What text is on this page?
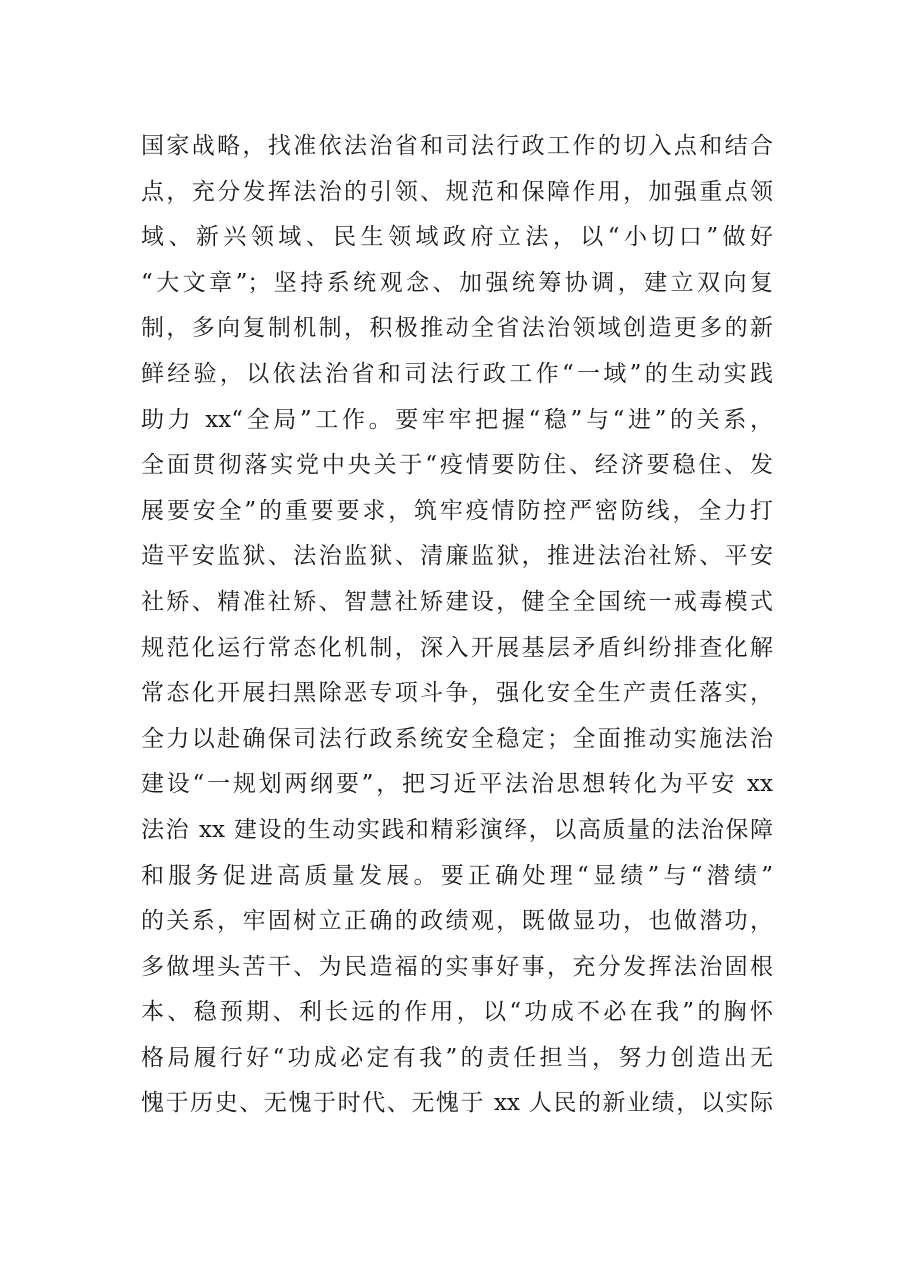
国家战略，找准依法治省和司法行政工作的切入点和结合
点，充分发挥法治的引领、规范和保障作用，加强重点领
域、新兴领域、民生领域政府立法，以“小切口”做好
“大文章”；坚持系统观念、加强统筹协调，建立双向复
制，多向复制机制，积极推动全省法治领域创造更多的新
鲜经验，以依法治省和司法行政工作“一域”的生动实践
助力 xx“全局”工作。要牢牢把握“稳”与“进”的关系，
全面贯彻落实党中央关于“疫情要防住、经济要稳住、发
展要安全”的重要要求，筑牢疫情防控严密防线，全力打
造平安监狱、法治监狱、清廉监狱，推进法治社矫、平安
社矫、精准社矫、智慧社矫建设，健全全国统一戒毒模式
规范化运行常态化机制，深入开展基层矛盾纠纷排查化解
常态化开展扫黑除恶专项斗争，强化安全生产责任落实，
全力以赴确保司法行政系统安全稳定；全面推动实施法治
建设“一规划两纲要”，把习近平法治思想转化为平安 xx
法治 xx 建设的生动实践和精彩演绎，以高质量的法治保障
和服务促进高质量发展。要正确处理“显绩”与“潜绩”
的关系，牢固树立正确的政绩观，既做显功，也做潜功，
多做埋头苦干、为民造福的实事好事，充分发挥法治固根
本、稳预期、利长远的作用，以“功成不必在我”的胸怀
格局履行好“功成必定有我”的责任担当，努力创造出无
愧于历史、无愧于时代、无愧于 xx 人民的新业绩，以实际
